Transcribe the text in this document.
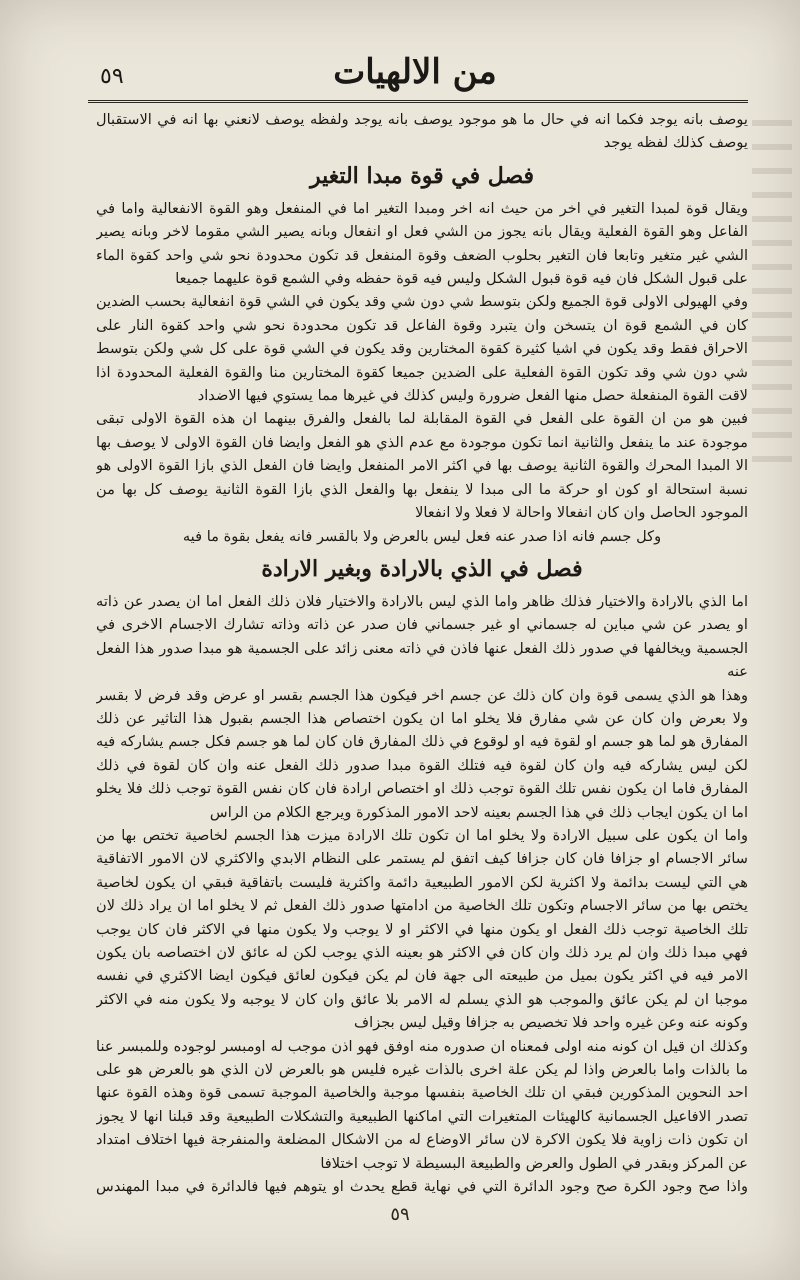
من الالهيات
٥٩

يوصف بانه يوجد فكما انه في حال ما هو موجود يوصف بانه يوجد ولفظه يوصف لانعني بها انه في الاستقبال يوصف كذلك لفظه يوجد

فصل في قوة مبدا التغير

ويقال قوة لمبدا التغير في اخر من حيث انه اخر ومبدا التغير اما في المنفعل وهو القوة الانفعالية واما في الفاعل وهو القوة الفعلية ويقال بانه يجوز من الشي فعل او انفعال وبانه يصير الشي مقوما لاخر وبانه يصير الشي غير متغير وتابعا فان التغير بحلوب الضعف وقوة المنفعل قد تكون محدودة نحو شي واحد كقوة الماء على قبول الشكل فان فيه قوة قبول الشكل وليس فيه قوة حفظه وفي الشمع قوة عليهما جميعا

وفي الهيولى الاولى قوة الجميع ولكن بتوسط شي دون شي وقد يكون في الشي قوة انفعالية بحسب الضدين كان في الشمع قوة ان يتسخن وان يتبرد وقوة الفاعل قد تكون محدودة نحو شي واحد كقوة النار على الاحراق فقط وقد يكون في اشيا كثيرة كقوة المختارين وقد يكون في الشي قوة على كل شي ولكن بتوسط شي دون شي وقد تكون القوة الفعلية على الضدين جميعا كقوة المختارين منا والقوة الفعلية المحدودة اذا لاقت القوة المنفعلة حصل منها الفعل ضرورة وليس كذلك في غيرها مما يستوي فيها الاضداد

فبين هو من ان القوة على الفعل في القوة المقابلة لما بالفعل والفرق بينهما ان هذه القوة الاولى تبقى موجودة عند ما ينفعل والثانية انما تكون موجودة مع عدم الذي هو الفعل وايضا فان القوة الاولى لا يوصف بها الا المبدا المحرك والقوة الثانية يوصف بها في اكثر الامر المنفعل وايضا فان الفعل الذي بازا القوة الاولى هو نسبة استحالة او كون او حركة ما الى مبدا لا ينفعل بها والفعل الذي بازا القوة الثانية يوصف كل بها من الموجود الحاصل وان كان انفعالا واحالة لا فعلا ولا انفعالا

وكل جسم فانه اذا صدر عنه فعل ليس بالعرض ولا بالقسر فانه يفعل بقوة ما فيه

فصل في الذي بالارادة وبغير الارادة

اما الذي بالارادة والاختيار فذلك ظاهر واما الذي ليس بالارادة والاختيار فلان ذلك الفعل اما ان يصدر عن ذاته او يصدر عن شي مباين له جسماني او غير جسماني فان صدر عن ذاته وذاته تشارك الاجسام الاخرى في الجسمية ويخالفها في صدور ذلك الفعل عنها فاذن في ذاته معنى زائد على الجسمية هو مبدا صدور هذا الفعل عنه

وهذا هو الذي يسمى قوة وان كان ذلك عن جسم اخر فيكون هذا الجسم بقسر او عرض وقد فرض لا بقسر ولا بعرض وان كان عن شي مفارق فلا يخلو اما ان يكون اختصاص هذا الجسم بقبول هذا التاثير عن ذلك المفارق هو لما هو جسم او لقوة فيه او لوقوع في ذلك المفارق فان كان لما هو جسم فكل جسم يشاركه فيه لكن ليس يشاركه فيه وان كان لقوة فيه فتلك القوة مبدا صدور ذلك الفعل عنه وان كان لقوة في ذلك المفارق فاما ان يكون نفس تلك القوة توجب ذلك او اختصاص ارادة فان كان نفس القوة توجب ذلك فلا يخلو اما ان يكون ايجاب ذلك في هذا الجسم بعينه لاحد الامور المذكورة ويرجع الكلام من الراس

واما ان يكون على سبيل الارادة ولا يخلو اما ان تكون تلك الارادة ميزت هذا الجسم لخاصية تختص بها من سائر الاجسام او جزافا فان كان جزافا كيف اتفق لم يستمر على النظام الابدي والاكثري لان الامور الاتفاقية هي التي ليست بدائمة ولا اكثرية لكن الامور الطبيعية دائمة واكثرية فليست باتفاقية فبقي ان يكون لخاصية يختص بها من سائر الاجسام وتكون تلك الخاصية من ادامتها صدور ذلك الفعل ثم لا يخلو اما ان يراد ذلك لان تلك الخاصية توجب ذلك الفعل او يكون منها في الاكثر او لا يوجب ولا يكون منها في الاكثر فان كان يوجب فهي مبدا ذلك وان لم يرد ذلك وان كان في الاكثر هو بعينه الذي يوجب لكن له عائق لان اختصاصه بان يكون الامر فيه في اكثر يكون بميل من طبيعته الى جهة فان لم يكن فيكون لعائق فيكون ايضا الاكثري في نفسه موجبا ان لم يكن عائق والموجب هو الذي يسلم له الامر بلا عائق وان كان لا يوجبه ولا يكون منه في الاكثر وكونه عنه وعن غيره واحد فلا تخصيص به جزافا وقيل ليس بجزاف

وكذلك ان قيل ان كونه منه اولى فمعناه ان صدوره منه اوفق فهو اذن موجب له اومبسر لوجوده وللمبسر عنا ما بالذات واما بالعرض واذا لم يكن علة اخرى بالذات غيره فليس هو بالعرض لان الذي هو بالعرض هو على احد النحوين المذكورين فبقي ان تلك الخاصية بنفسها موجبة والخاصية الموجبة تسمى قوة وهذه القوة عنها تصدر الافاعيل الجسمانية كالهيئات المتغيرات التي اماكنها الطبيعية والتشكلات الطبيعية وقد قبلنا انها لا يجوز ان تكون ذات زاوية فلا يكون الاكرة لان سائر الاوضاع له من الاشكال المضلعة والمنفرجة فيها اختلاف امتداد عن المركز وبقدر في الطول والعرض والطبيعة البسيطة لا توجب اختلافا

واذا صح وجود الكرة صح وجود الدائرة التي في نهاية قطع يحدث او يتوهم فيها فالدائرة في مبدا المهندس

٥٩
